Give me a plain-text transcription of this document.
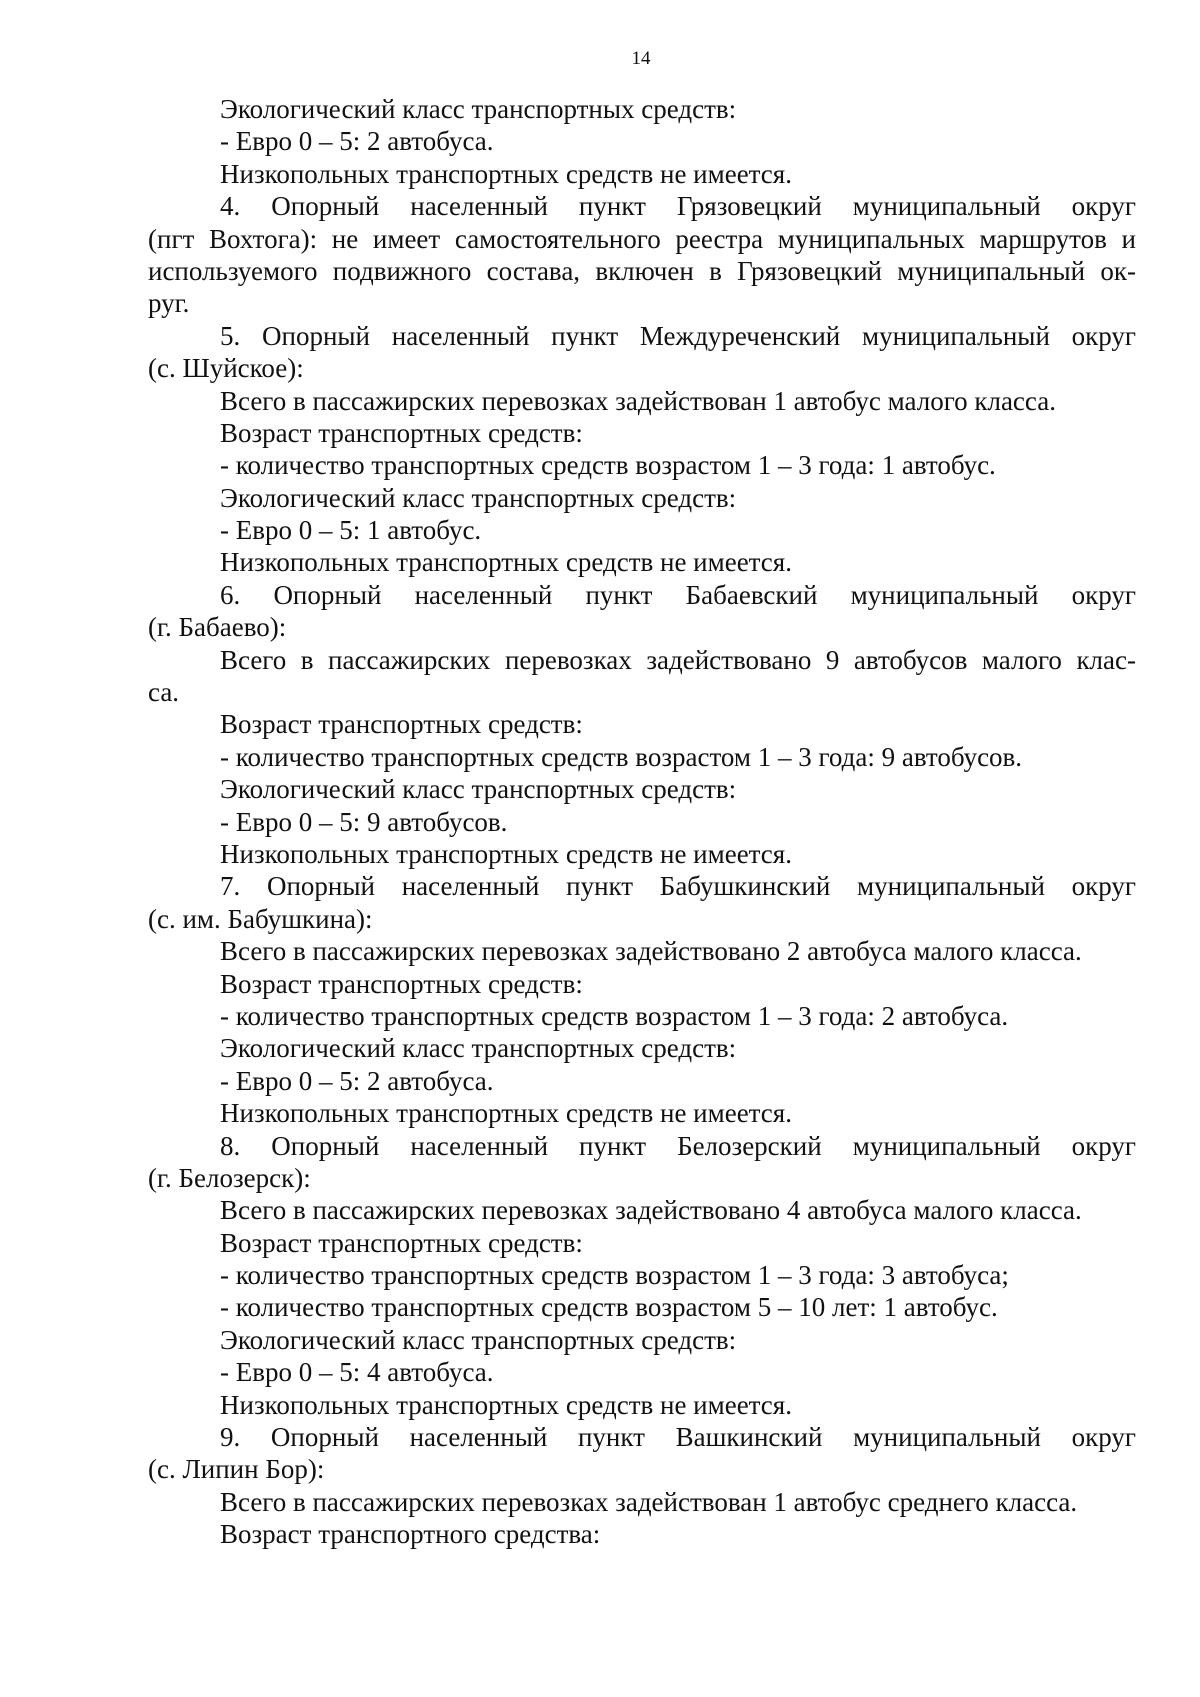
14
Экологический класс транспортных средств:
- Евро 0 – 5: 2 автобуса.
Низкопольных транспортных средств не имеется.
4. Опорный населенный пункт Грязовецкий муниципальный округ
(пгт Вохтога): не имеет самостоятельного реестра муниципальных маршрутов и
используемого подвижного состава, включен в Грязовецкий муниципальный ок-
руг.
5. Опорный населенный пункт Междуреченский муниципальный округ
(с. Шуйское):
Всего в пассажирских перевозках задействован 1 автобус малого класса.
Возраст транспортных средств:
- количество транспортных средств возрастом 1 – 3 года: 1 автобус.
Экологический класс транспортных средств:
- Евро 0 – 5: 1 автобус.
Низкопольных транспортных средств не имеется.
6. Опорный населенный пункт Бабаевский муниципальный округ
(г. Бабаево):
Всего в пассажирских перевозках задействовано 9 автобусов малого клас-
са.
Возраст транспортных средств:
- количество транспортных средств возрастом 1 – 3 года: 9 автобусов.
Экологический класс транспортных средств:
- Евро 0 – 5: 9 автобусов.
Низкопольных транспортных средств не имеется.
7. Опорный населенный пункт Бабушкинский муниципальный округ
(с. им. Бабушкина):
Всего в пассажирских перевозках задействовано 2 автобуса малого класса.
Возраст транспортных средств:
- количество транспортных средств возрастом 1 – 3 года: 2 автобуса.
Экологический класс транспортных средств:
- Евро 0 – 5: 2 автобуса.
Низкопольных транспортных средств не имеется.
8. Опорный населенный пункт Белозерский муниципальный округ
(г. Белозерск):
Всего в пассажирских перевозках задействовано 4 автобуса малого класса.
Возраст транспортных средств:
- количество транспортных средств возрастом 1 – 3 года: 3 автобуса;
- количество транспортных средств возрастом 5 – 10 лет: 1 автобус.
Экологический класс транспортных средств:
- Евро 0 – 5: 4 автобуса.
Низкопольных транспортных средств не имеется.
9. Опорный населенный пункт Вашкинский муниципальный округ
(с. Липин Бор):
Всего в пассажирских перевозках задействован 1 автобус среднего класса.
Возраст транспортного средства:
